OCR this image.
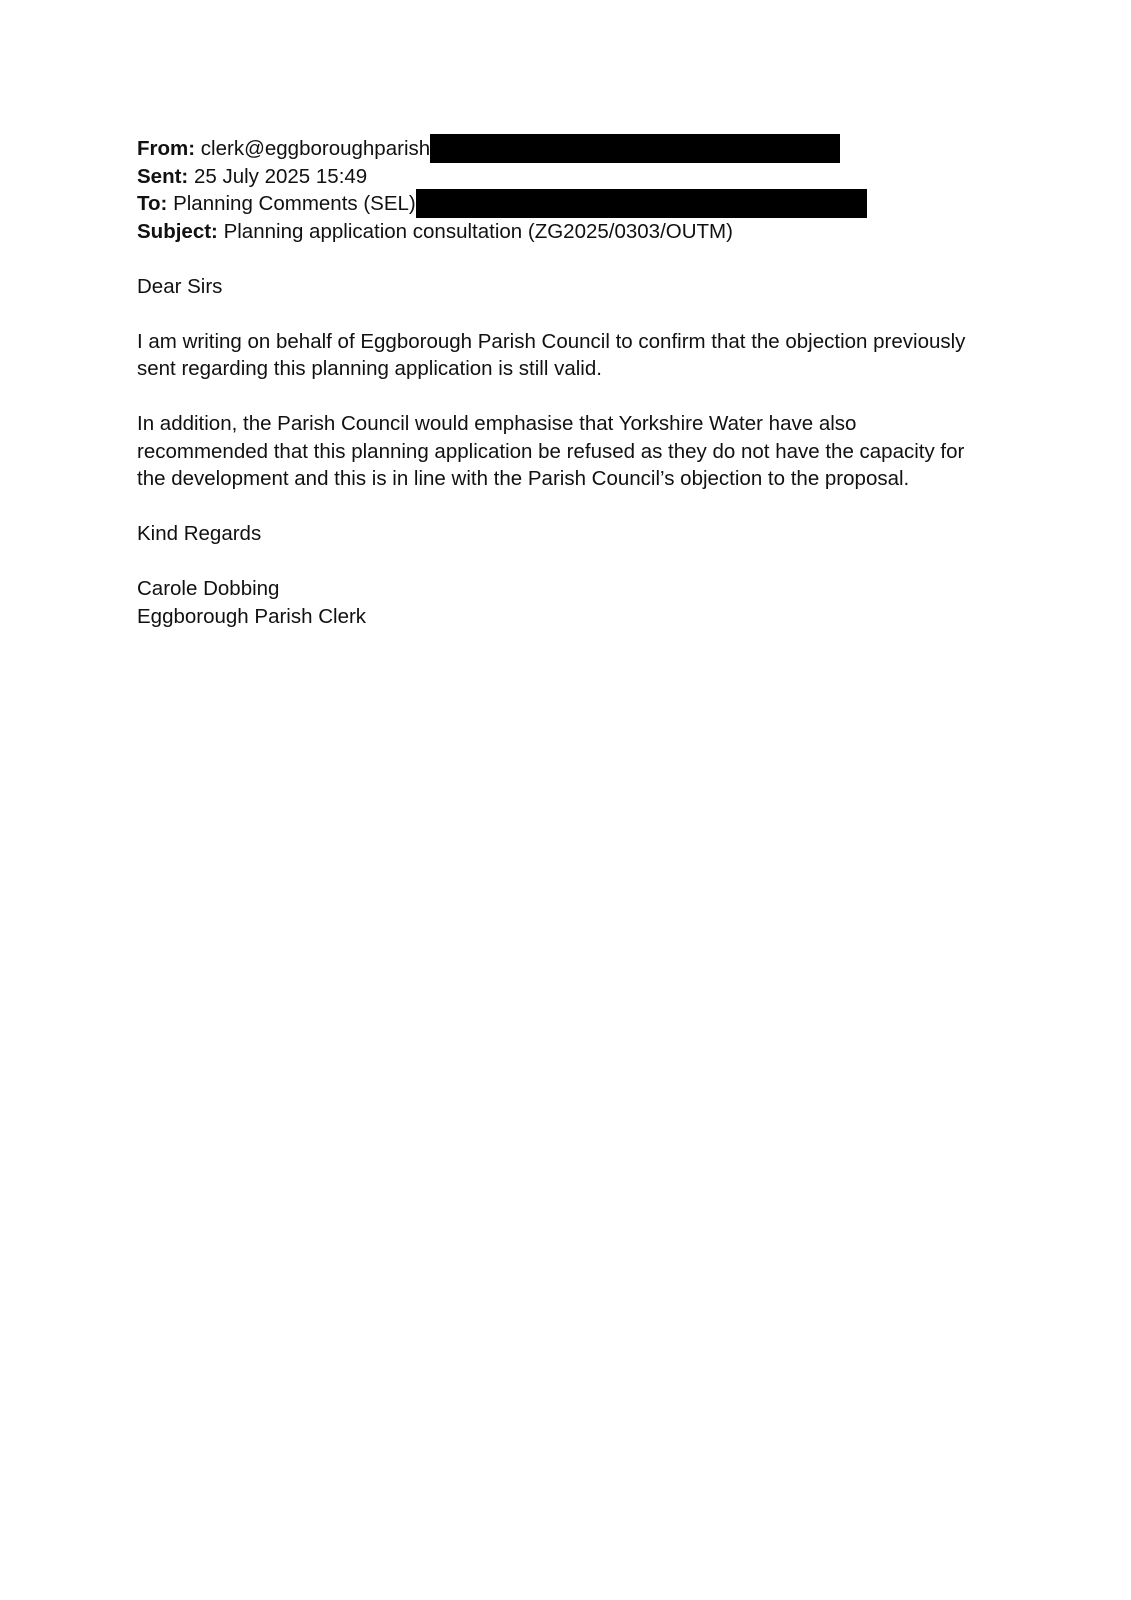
From: clerk@eggboroughparish
Sent: 25 July 2025 15:49
To: Planning Comments (SEL)
Subject: Planning application consultation (ZG2025/0303/OUTM)

Dear Sirs

I am writing on behalf of Eggborough Parish Council to confirm that the objection previously sent regarding this planning application is still valid.

In addition, the Parish Council would emphasise that Yorkshire Water have also recommended that this planning application be refused as they do not have the capacity for the development and this is in line with the Parish Council’s objection to the proposal.

Kind Regards

Carole Dobbing

Eggborough Parish Clerk
